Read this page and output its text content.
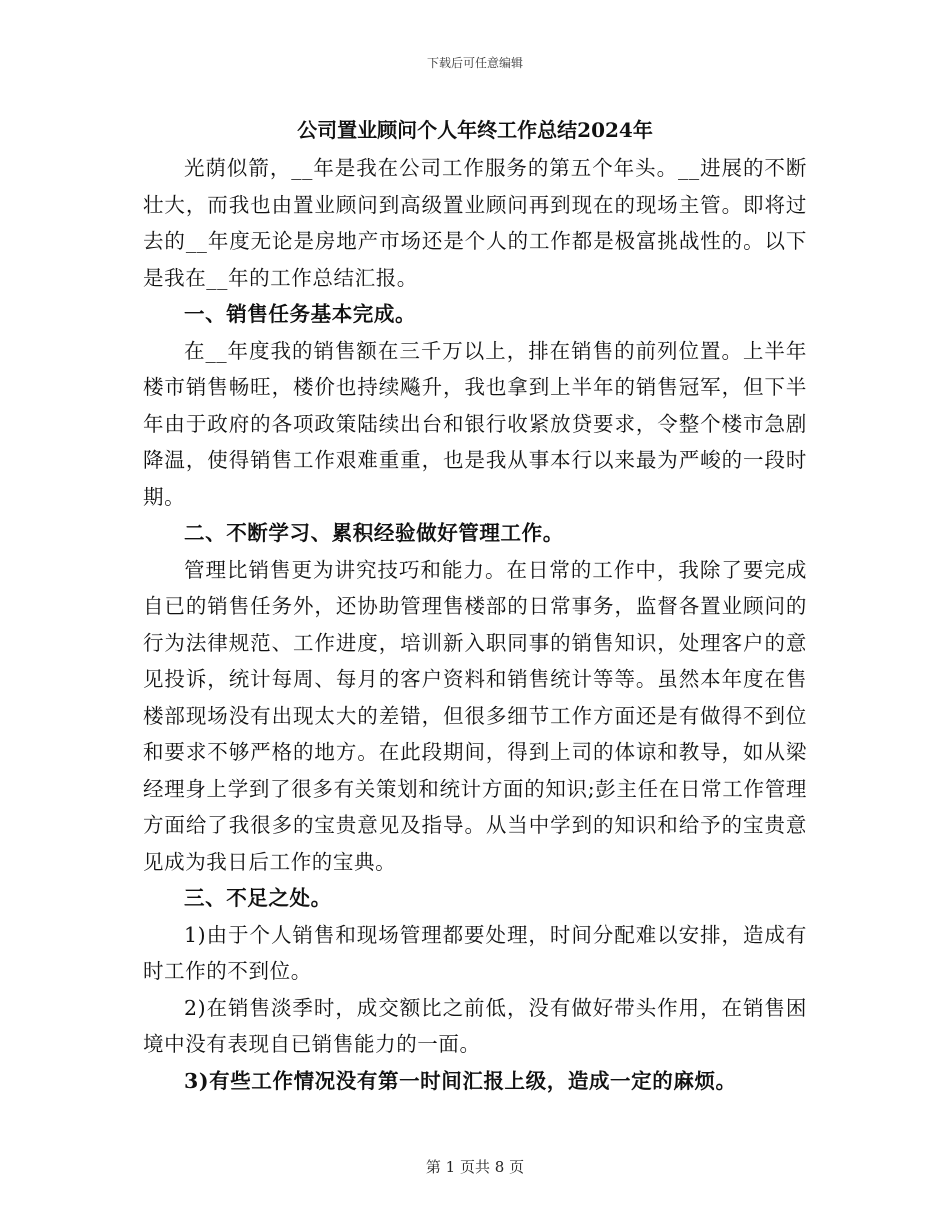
下载后可任意编辑

公司置业顾问个人年终工作总结2024年

光荫似箭，__年是我在公司工作服务的第五个年头。__进展的不断壮大，而我也由置业顾问到高级置业顾问再到现在的现场主管。即将过去的__年度无论是房地产市场还是个人的工作都是极富挑战性的。以下是我在__年的工作总结汇报。

一、销售任务基本完成。

在__年度我的销售额在三千万以上，排在销售的前列位置。上半年楼市销售畅旺，楼价也持续飚升，我也拿到上半年的销售冠军，但下半年由于政府的各项政策陆续出台和银行收紧放贷要求，令整个楼市急剧降温，使得销售工作艰难重重，也是我从事本行以来最为严峻的一段时期。

二、不断学习、累积经验做好管理工作。

管理比销售更为讲究技巧和能力。在日常的工作中，我除了要完成自已的销售任务外，还协助管理售楼部的日常事务，监督各置业顾问的行为法律规范、工作进度，培训新入职同事的销售知识，处理客户的意见投诉，统计每周、每月的客户资料和销售统计等等。虽然本年度在售楼部现场没有出现太大的差错，但很多细节工作方面还是有做得不到位和要求不够严格的地方。在此段期间，得到上司的体谅和教导，如从梁经理身上学到了很多有关策划和统计方面的知识;彭主任在日常工作管理方面给了我很多的宝贵意见及指导。从当中学到的知识和给予的宝贵意见成为我日后工作的宝典。

三、不足之处。

1)由于个人销售和现场管理都要处理，时间分配难以安排，造成有时工作的不到位。

2)在销售淡季时，成交额比之前低，没有做好带头作用，在销售困境中没有表现自已销售能力的一面。

3)有些工作情况没有第一时间汇报上级，造成一定的麻烦。

第 1 页共 8 页
